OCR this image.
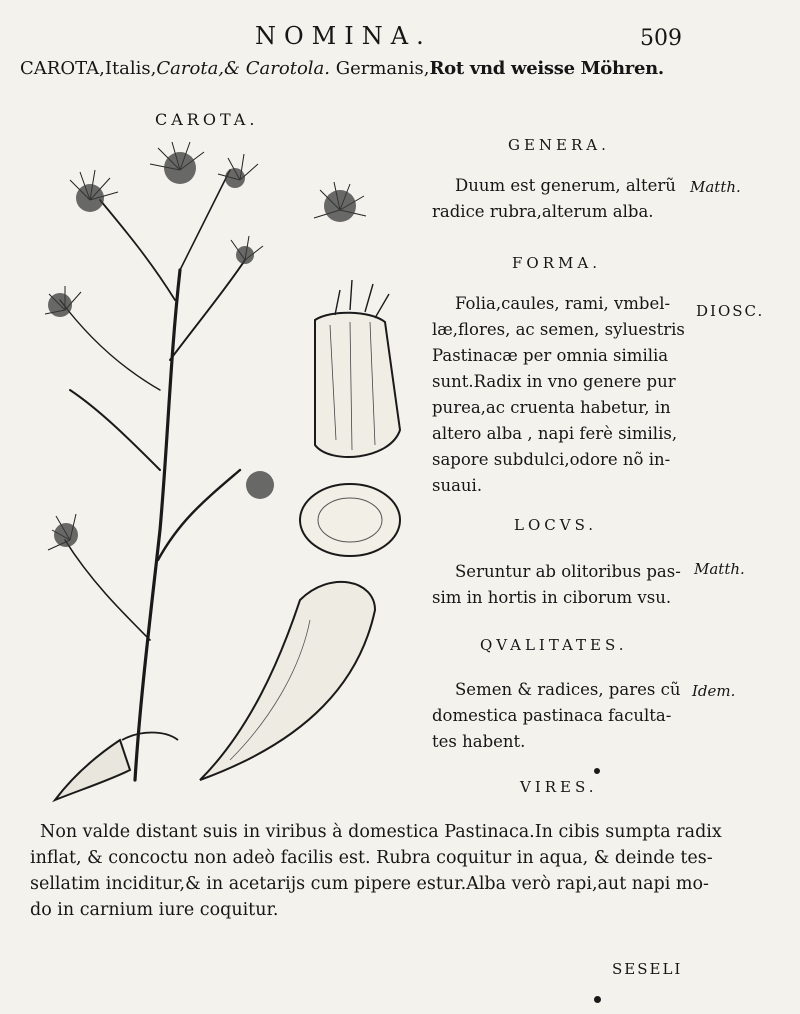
NOMINA.	509
CAROTA,Italis,Carota,& Carotola. Germanis,Rot vnd weisse Möhren.
CAROTA.
GENERA.
Duum est generum, alterũ Matth.
radice rubra,alterum alba.
FORMA.
Folia,caules, rami, vmbel- DIOSC.
læ,flores, ac semen, syluestris
Pastinacæ per omnia similia
sunt.Radix in vno genere pur
purea,ac cruenta habetur, in
altero alba , napi ferè similis,
sapore subdulci,odore nõ in-
suaui.
LOCVS.
Seruntur ab olitoribus pas- Matth.
sim in hortis in ciborum vsu.
QVALITATES.
Semen & radices, pares cũ Idem.
domestica pastinaca faculta-
tes habent.
VIRES.
Non valde distant suis in viribus à domestica Pastinaca.In cibis sumpta radix
inflat, & concoctu non adeò facilis est. Rubra coquitur in aqua, & deinde tes-
sellatim inciditur,& in acetarijs cum pipere estur.Alba verò rapi,aut napi mo-
do in carnium iure coquitur.
SESELI
